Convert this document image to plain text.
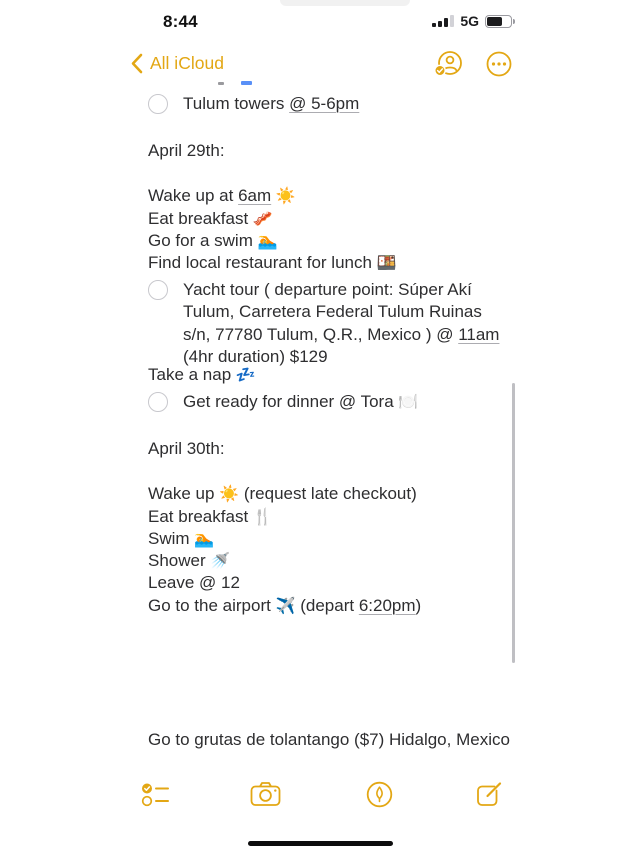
8:44	5G
All iCloud
Tulum towers @ 5-6pm
April 29th:
Wake up at 6am ☀️
Eat breakfast 🥓
Go for a swim 🏊
Find local restaurant for lunch 🍱
Yacht tour ( departure point: Súper Akí Tulum, Carretera Federal Tulum Ruinas s/n, 77780 Tulum, Q.R., Mexico ) @ 11am (4hr duration) $129
Take a nap 💤
Get ready for dinner @ Tora 🍽️
April 30th:
Wake up ☀️ (request late checkout)
Eat breakfast 🍴
Swim 🏊
Shower 🚿
Leave @ 12
Go to the airport ✈️ (depart 6:20pm)
Go to grutas de tolantango ($7) Hidalgo, Mexico
